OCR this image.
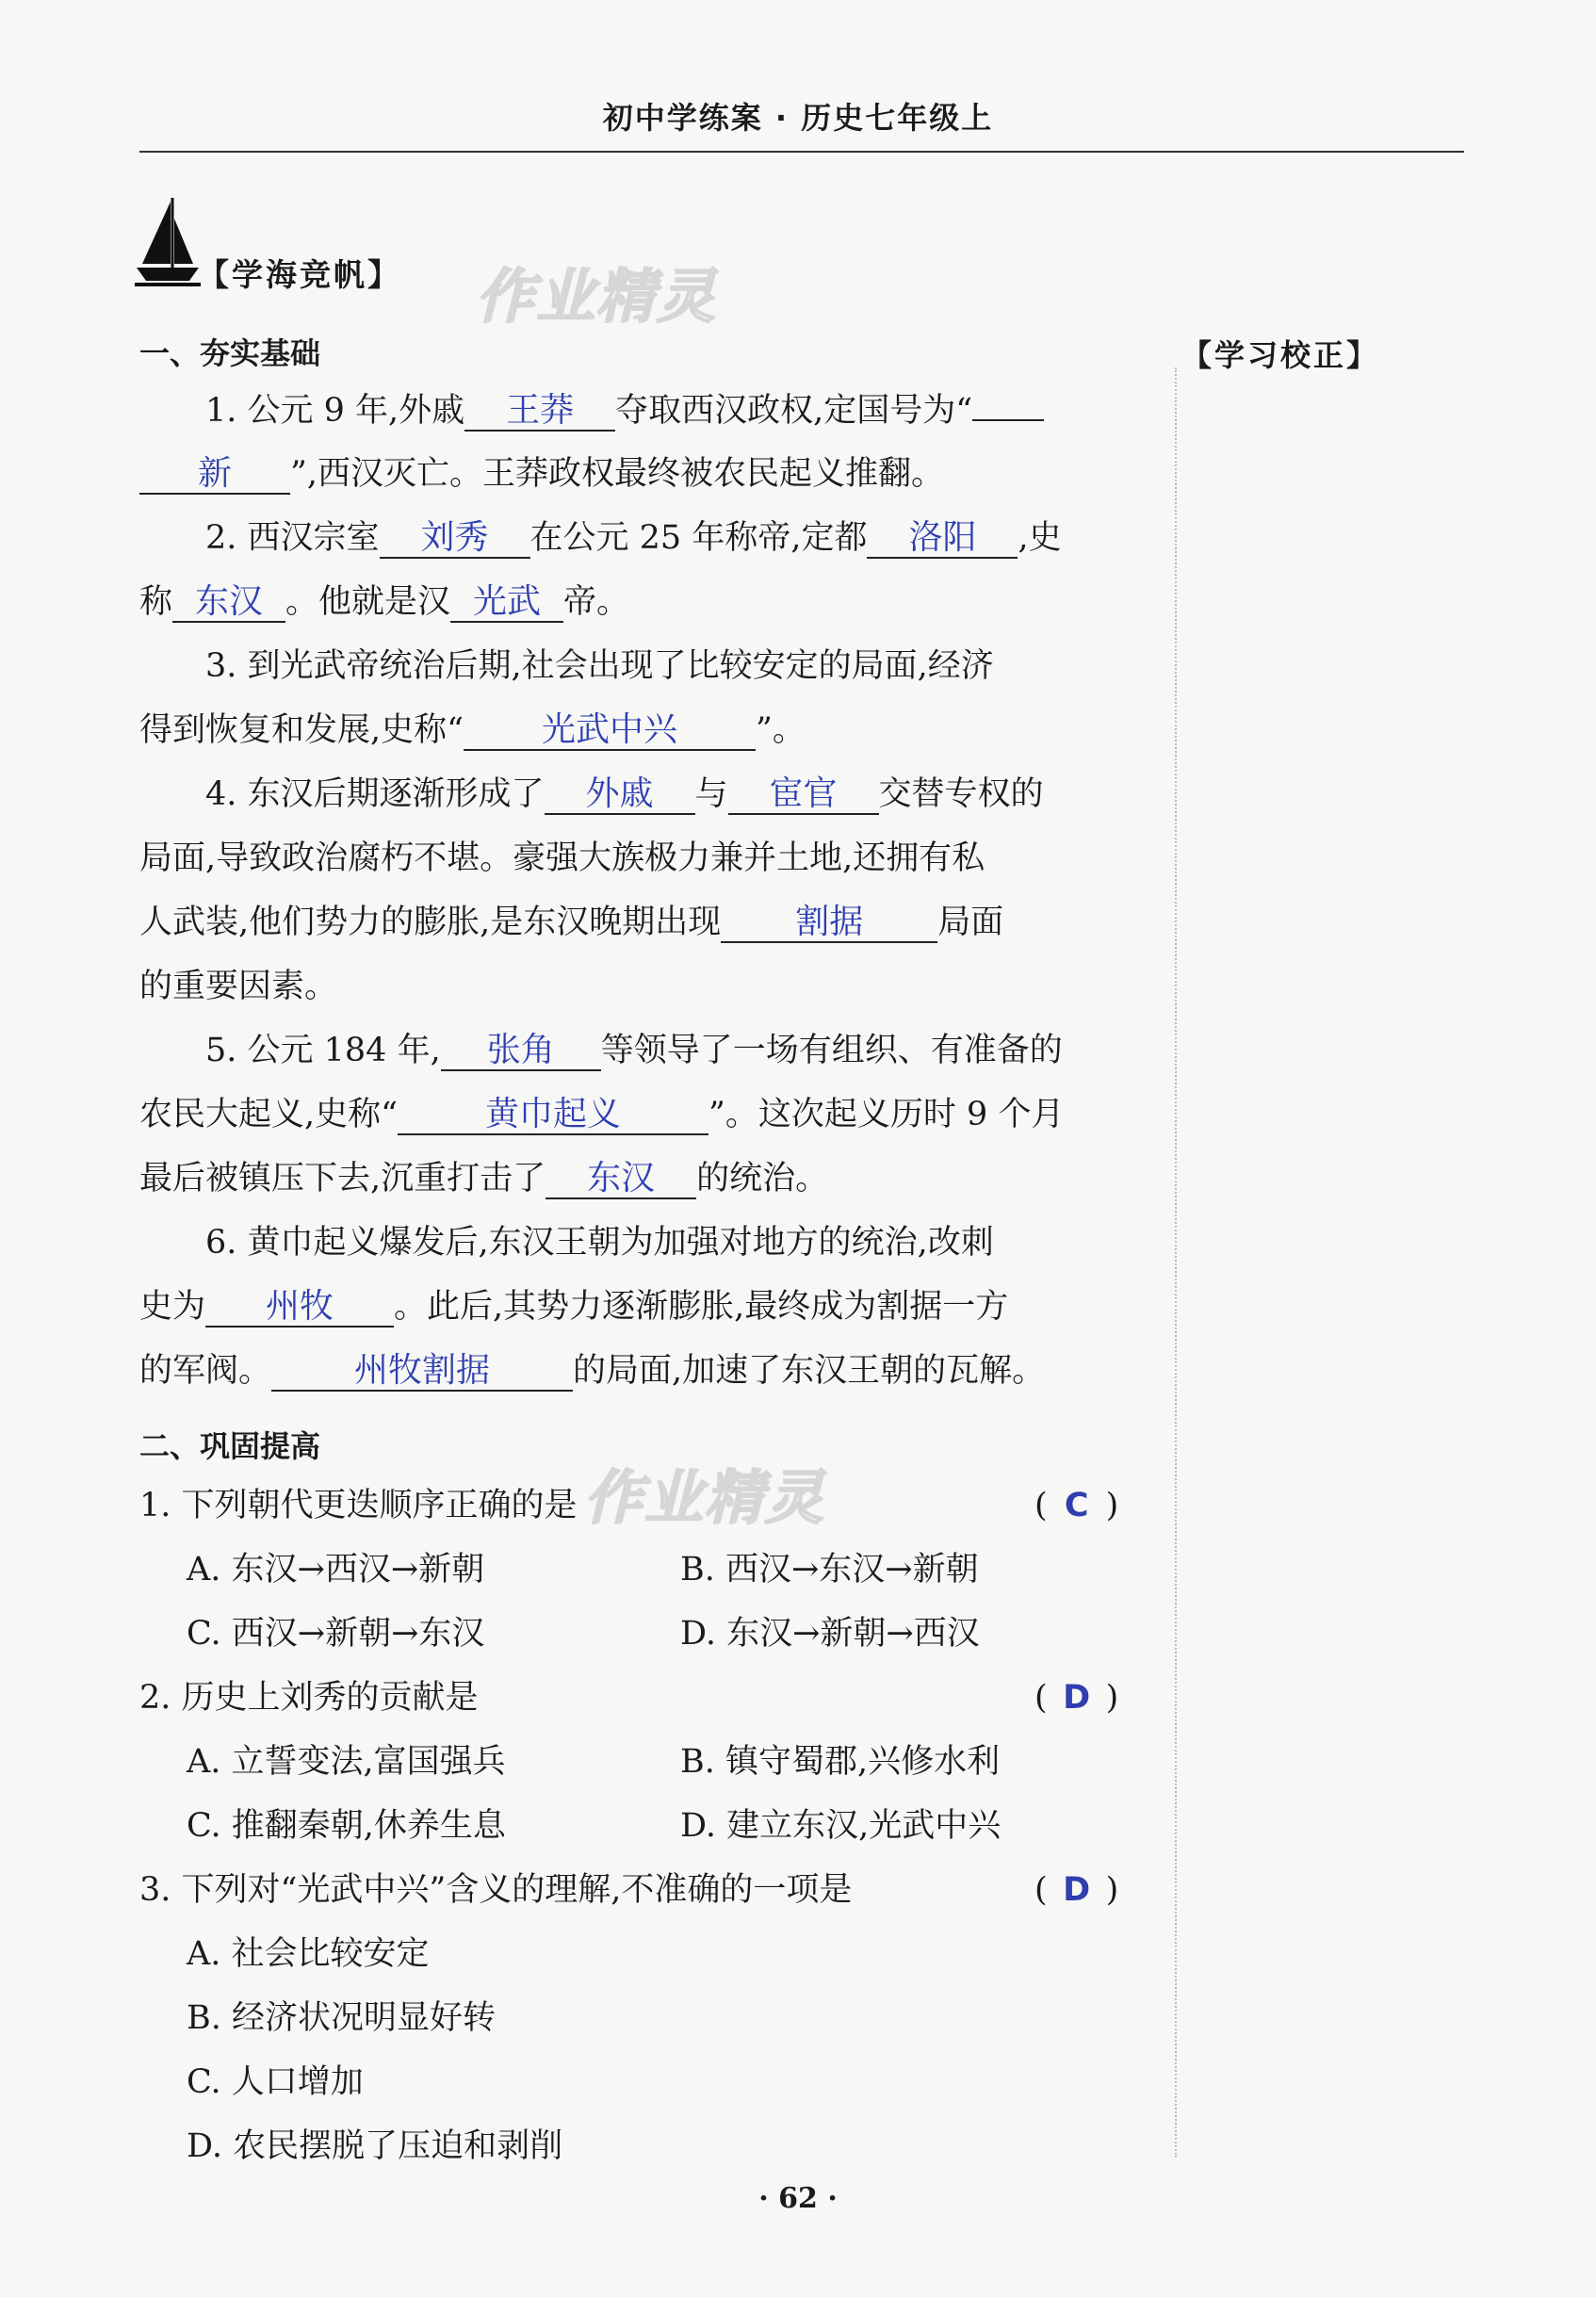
初中学练案 · 历史七年级上
【学海竞帆】 作业精灵
一、夯实基础	【学习校正】
1. 公元 9 年,外戚 王莽 夺取西汉政权,定国号为“
新 ”,西汉灭亡。王莽政权最终被农民起义推翻。
2. 西汉宗室 刘秀 在公元 25 年称帝,定都 洛阳 ,史
称 东汉 。他就是汉 光武 帝。
3. 到光武帝统治后期,社会出现了比较安定的局面,经济
得到恢复和发展,史称“ 光武中兴 ”。
4. 东汉后期逐渐形成了 外戚 与 宦官 交替专权的
局面,导致政治腐朽不堪。豪强大族极力兼并土地,还拥有私
人武装,他们势力的膨胀,是东汉晚期出现 割据 局面
的重要因素。
5. 公元 184 年, 张角 等领导了一场有组织、有准备的
农民大起义,史称“	黄巾起义	”。这次起义历时 9 个月
最后被镇压下去,沉重打击了 东汉 的统治。
6. 黄巾起义爆发后,东汉王朝为加强对地方的统治,改刺
史为 州牧 。此后,其势力逐渐膨胀,最终成为割据一方
的军阀。 州牧割据	的局面,加速了东汉王朝的瓦解。
二、巩固提高
作业精灵
1. 下列朝代更迭顺序正确的是	( C )
A. 东汉→西汉→新朝	B. 西汉→东汉→新朝
C. 西汉→新朝→东汉	D. 东汉→新朝→西汉
2. 历史上刘秀的贡献是	( D )
A. 立誓变法,富国强兵	B. 镇守蜀郡,兴修水利
C. 推翻秦朝,休养生息	D. 建立东汉,光武中兴
3. 下列对“光武中兴”含义的理解,不准确的一项是	( D )
A. 社会比较安定
B. 经济状况明显好转
C. 人口增加
D. 农民摆脱了压迫和剥削
· 62 ·
